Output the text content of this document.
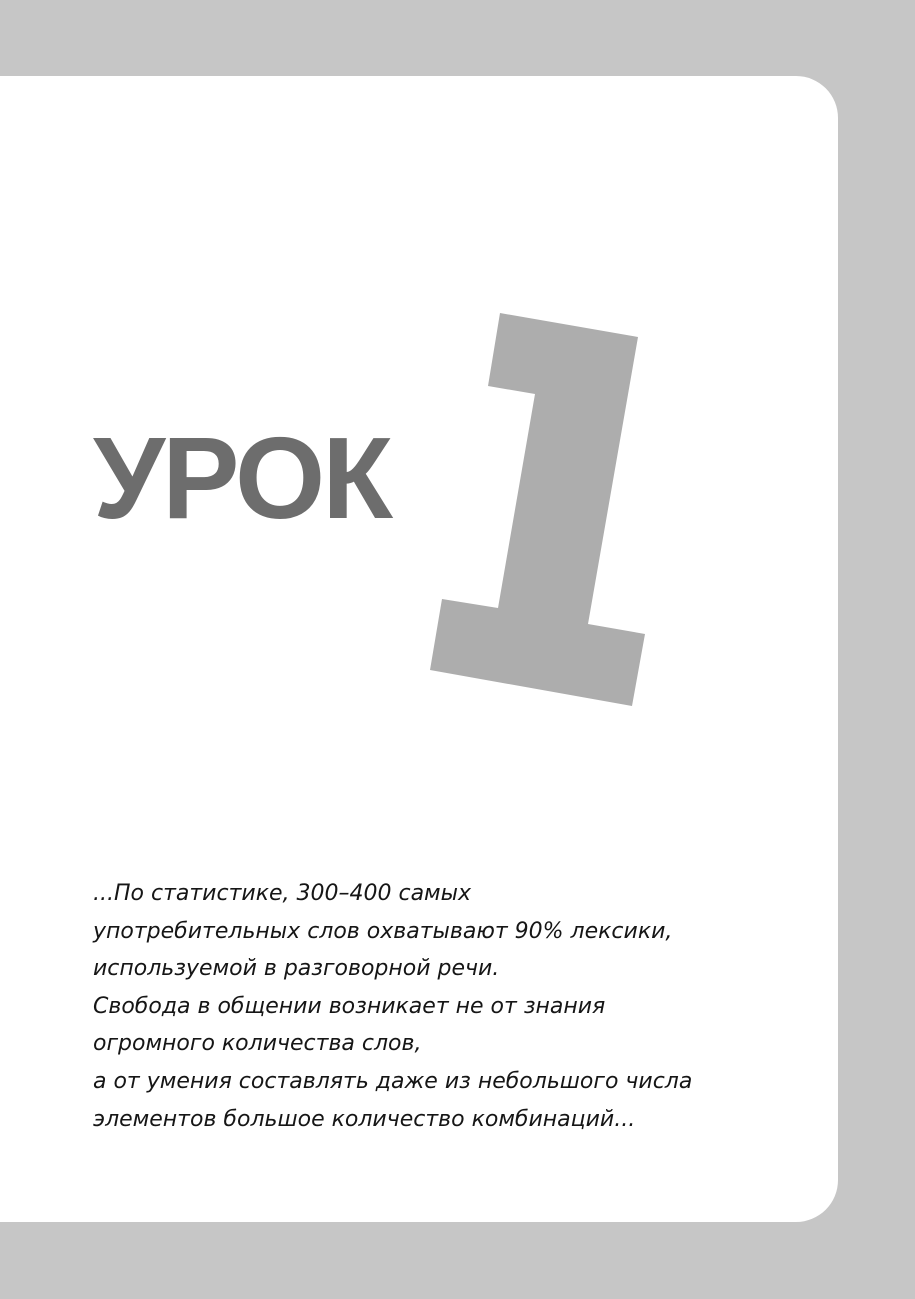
УРОК

...По статистике, 300–400 самых
употребительных слов охватывают 90% лексики,
используемой в разговорной речи.
Свобода в общении возникает не от знания
огромного количества слов,
а от умения составлять даже из небольшого числа
элементов большое количество комбинаций...
